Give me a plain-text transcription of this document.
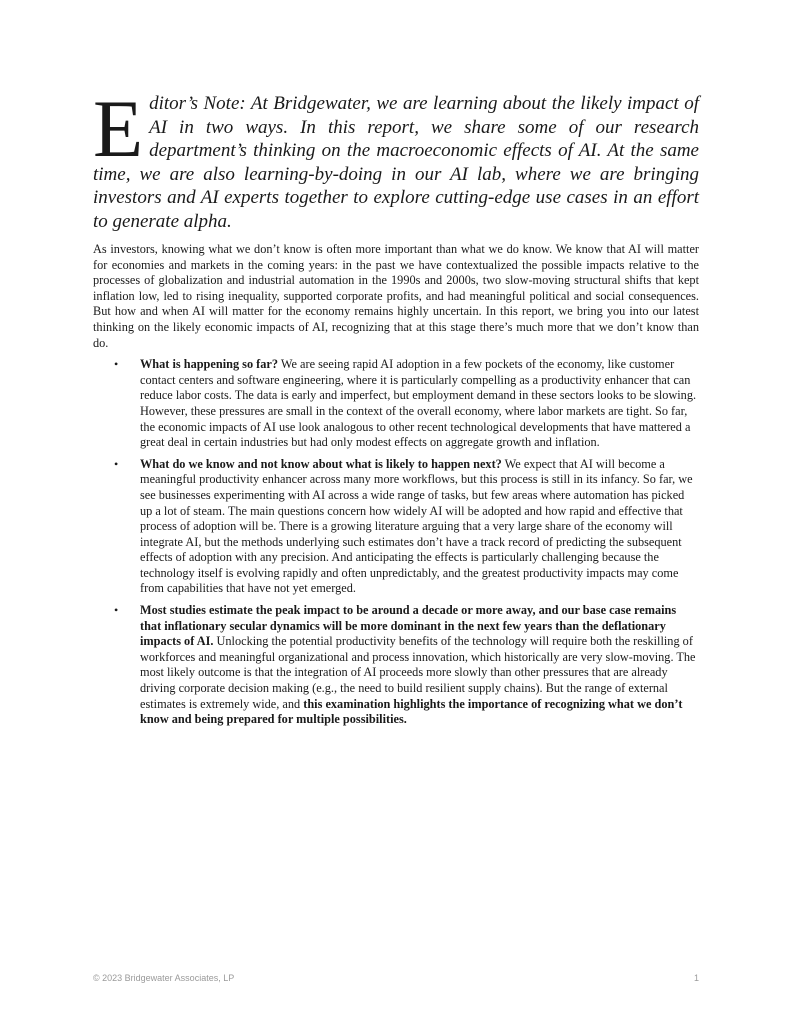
Editor’s Note: At Bridgewater, we are learning about the likely impact of AI in two ways. In this report, we share some of our research department’s thinking on the macroeconomic effects of AI. At the same time, we are also learning-by-doing in our AI lab, where we are bringing investors and AI experts together to explore cutting-edge use cases in an effort to generate alpha.

As investors, knowing what we don’t know is often more important than what we do know. We know that AI will matter for economies and markets in the coming years: in the past we have contextualized the possible impacts relative to the processes of globalization and industrial automation in the 1990s and 2000s, two slow-moving structural shifts that kept inflation low, led to rising inequality, supported corporate profits, and had meaningful political and social consequences. But how and when AI will matter for the economy remains highly uncertain. In this report, we bring you into our latest thinking on the likely economic impacts of AI, recognizing that at this stage there’s much more that we don’t know than do.

• What is happening so far? We are seeing rapid AI adoption in a few pockets of the economy, like customer contact centers and software engineering, where it is particularly compelling as a productivity enhancer that can reduce labor costs. The data is early and imperfect, but employment demand in these sectors looks to be slowing. However, these pressures are small in the context of the overall economy, where labor markets are tight. So far, the economic impacts of AI use look analogous to other recent technological developments that have mattered a great deal in certain industries but had only modest effects on aggregate growth and inflation.
• What do we know and not know about what is likely to happen next? We expect that AI will become a meaningful productivity enhancer across many more workflows, but this process is still in its infancy. So far, we see businesses experimenting with AI across a wide range of tasks, but few areas where automation has picked up a lot of steam. The main questions concern how widely AI will be adopted and how rapid and effective that process of adoption will be. There is a growing literature arguing that a very large share of the economy will integrate AI, but the methods underlying such estimates don’t have a track record of predicting the subsequent effects of adoption with any precision. And anticipating the effects is particularly challenging because the technology itself is evolving rapidly and often unpredictably, and the greatest productivity impacts may come from capabilities that have not yet emerged.
• Most studies estimate the peak impact to be around a decade or more away, and our base case remains that inflationary secular dynamics will be more dominant in the next few years than the deflationary impacts of AI. Unlocking the potential productivity benefits of the technology will require both the reskilling of workforces and meaningful organizational and process innovation, which historically are very slow-moving. The most likely outcome is that the integration of AI proceeds more slowly than other pressures that are already driving corporate decision making (e.g., the need to build resilient supply chains). But the range of external estimates is extremely wide, and this examination highlights the importance of recognizing what we don’t know and being prepared for multiple possibilities.
© 2023 Bridgewater Associates, LP	1
